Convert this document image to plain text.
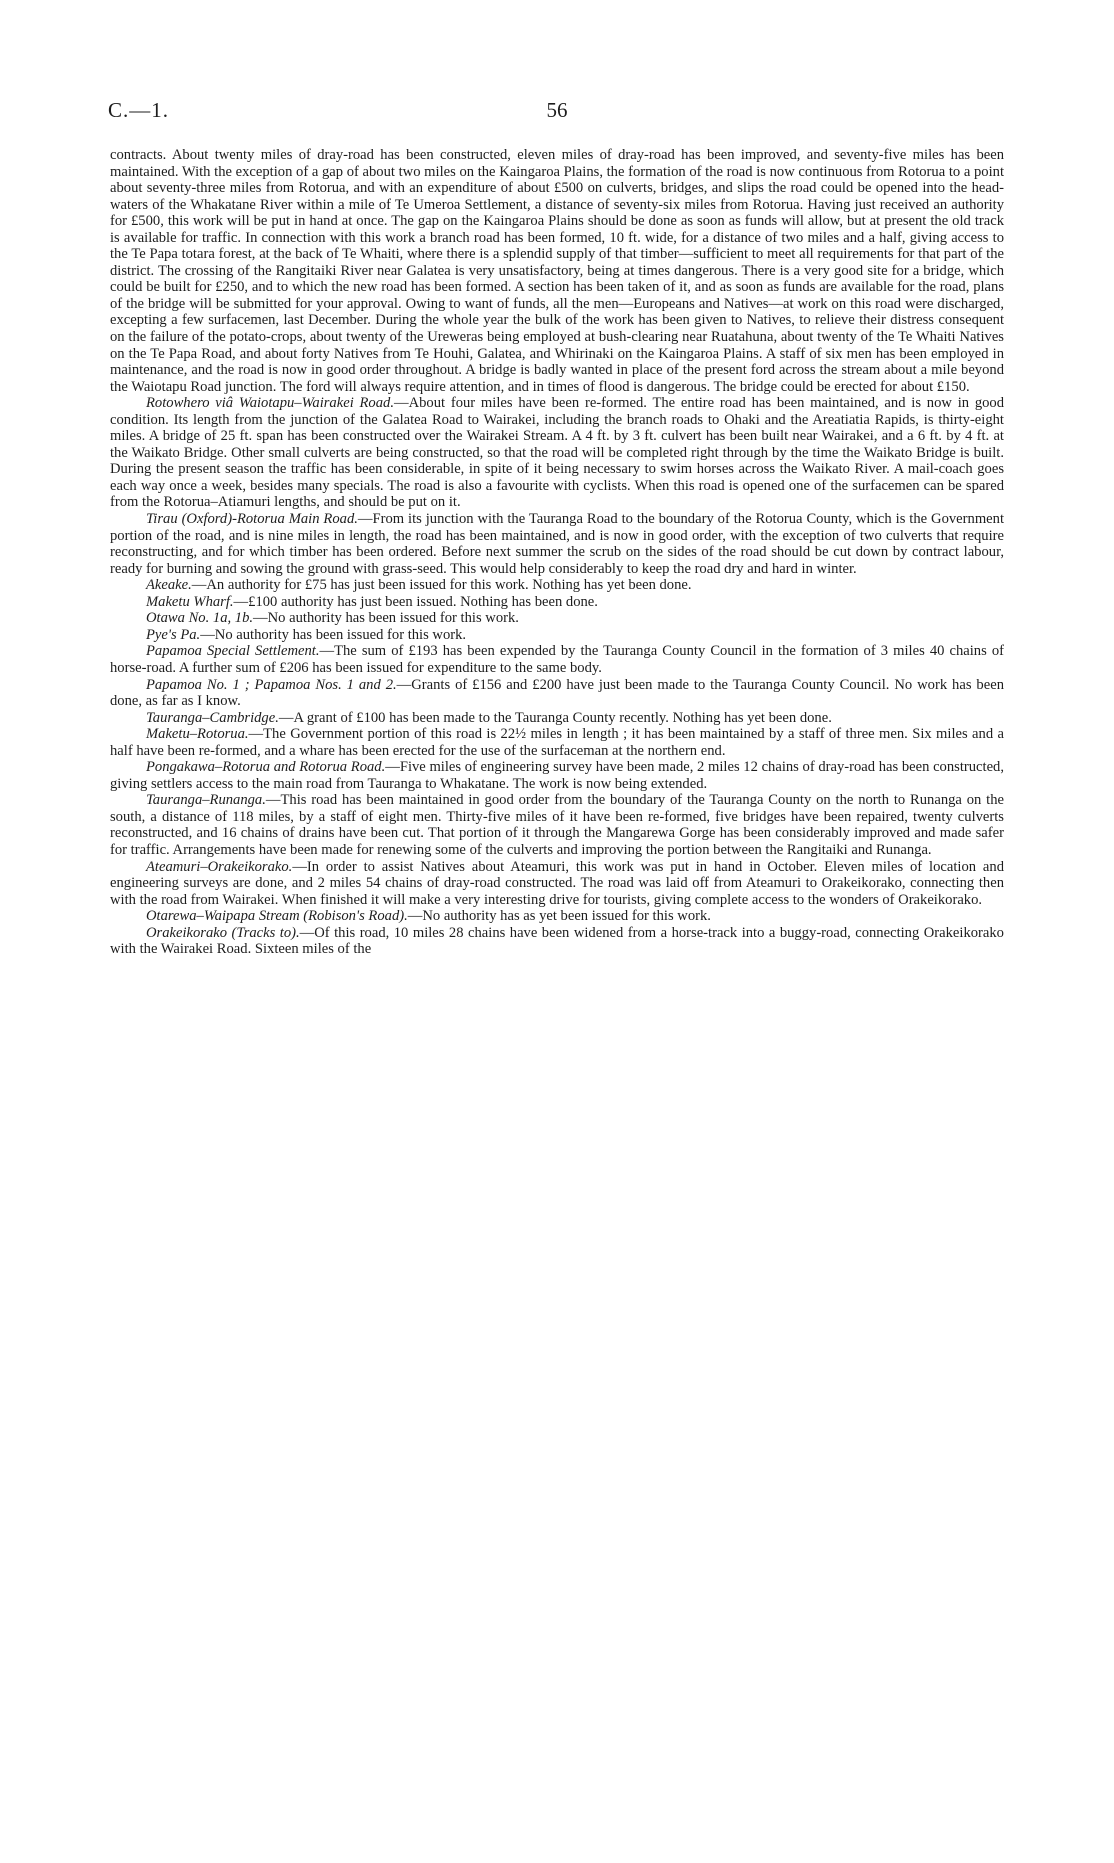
C.—1.	56

contracts. About twenty miles of dray-road has been constructed, eleven miles of dray-road has been improved, and seventy-five miles has been maintained. With the exception of a gap of about two miles on the Kaingaroa Plains, the formation of the road is now continuous from Rotorua to a point about seventy-three miles from Rotorua, and with an expenditure of about £500 on culverts, bridges, and slips the road could be opened into the head-waters of the Whakatane River within a mile of Te Umeroa Settlement, a distance of seventy-six miles from Rotorua. Having just received an authority for £500, this work will be put in hand at once. The gap on the Kaingaroa Plains should be done as soon as funds will allow, but at present the old track is available for traffic. In connection with this work a branch road has been formed, 10 ft. wide, for a distance of two miles and a half, giving access to the Te Papa totara forest, at the back of Te Whaiti, where there is a splendid supply of that timber—sufficient to meet all requirements for that part of the district. The crossing of the Rangitaiki River near Galatea is very unsatisfactory, being at times dangerous. There is a very good site for a bridge, which could be built for £250, and to which the new road has been formed. A section has been taken of it, and as soon as funds are available for the road, plans of the bridge will be submitted for your approval. Owing to want of funds, all the men—Europeans and Natives—at work on this road were discharged, excepting a few surfacemen, last December. During the whole year the bulk of the work has been given to Natives, to relieve their distress consequent on the failure of the potato-crops, about twenty of the Ureweras being employed at bush-clearing near Ruatahuna, about twenty of the Te Whaiti Natives on the Te Papa Road, and about forty Natives from Te Houhi, Galatea, and Whirinaki on the Kaingaroa Plains. A staff of six men has been employed in maintenance, and the road is now in good order throughout. A bridge is badly wanted in place of the present ford across the stream about a mile beyond the Waiotapu Road junction. The ford will always require attention, and in times of flood is dangerous. The bridge could be erected for about £150.

Rotowhero viâ Waiotapu–Wairakei Road.—About four miles have been re-formed. The entire road has been maintained, and is now in good condition. Its length from the junction of the Galatea Road to Wairakei, including the branch roads to Ohaki and the Areatiatia Rapids, is thirty-eight miles. A bridge of 25 ft. span has been constructed over the Wairakei Stream. A 4 ft. by 3 ft. culvert has been built near Wairakei, and a 6 ft. by 4 ft. at the Waikato Bridge. Other small culverts are being constructed, so that the road will be completed right through by the time the Waikato Bridge is built. During the present season the traffic has been considerable, in spite of it being necessary to swim horses across the Waikato River. A mail-coach goes each way once a week, besides many specials. The road is also a favourite with cyclists. When this road is opened one of the surfacemen can be spared from the Rotorua–Atiamuri lengths, and should be put on it.

Tirau (Oxford)-Rotorua Main Road.—From its junction with the Tauranga Road to the boundary of the Rotorua County, which is the Government portion of the road, and is nine miles in length, the road has been maintained, and is now in good order, with the exception of two culverts that require reconstructing, and for which timber has been ordered. Before next summer the scrub on the sides of the road should be cut down by contract labour, ready for burning and sowing the ground with grass-seed. This would help considerably to keep the road dry and hard in winter.

Akeake.—An authority for £75 has just been issued for this work. Nothing has yet been done.

Maketu Wharf.—£100 authority has just been issued. Nothing has been done.

Otawa No. 1a, 1b.—No authority has been issued for this work.

Pye's Pa.—No authority has been issued for this work.

Papamoa Special Settlement.—The sum of £193 has been expended by the Tauranga County Council in the formation of 3 miles 40 chains of horse-road. A further sum of £206 has been issued for expenditure to the same body.

Papamoa No. 1 ; Papamoa Nos. 1 and 2.—Grants of £156 and £200 have just been made to the Tauranga County Council. No work has been done, as far as I know.

Tauranga–Cambridge.—A grant of £100 has been made to the Tauranga County recently. Nothing has yet been done.

Maketu–Rotorua.—The Government portion of this road is 22½ miles in length ; it has been maintained by a staff of three men. Six miles and a half have been re-formed, and a whare has been erected for the use of the surfaceman at the northern end.

Pongakawa–Rotorua and Rotorua Road.—Five miles of engineering survey have been made, 2 miles 12 chains of dray-road has been constructed, giving settlers access to the main road from Tauranga to Whakatane. The work is now being extended.

Tauranga–Runanga.—This road has been maintained in good order from the boundary of the Tauranga County on the north to Runanga on the south, a distance of 118 miles, by a staff of eight men. Thirty-five miles of it have been re-formed, five bridges have been repaired, twenty culverts reconstructed, and 16 chains of drains have been cut. That portion of it through the Mangarewa Gorge has been considerably improved and made safer for traffic. Arrangements have been made for renewing some of the culverts and improving the portion between the Rangitaiki and Runanga.

Ateamuri–Orakeikorako.—In order to assist Natives about Ateamuri, this work was put in hand in October. Eleven miles of location and engineering surveys are done, and 2 miles 54 chains of dray-road constructed. The road was laid off from Ateamuri to Orakeikorako, connecting then with the road from Wairakei. When finished it will make a very interesting drive for tourists, giving complete access to the wonders of Orakeikorako.

Otarewa–Waipapa Stream (Robison's Road).—No authority has as yet been issued for this work.

Orakeikorako (Tracks to).—Of this road, 10 miles 28 chains have been widened from a horse-track into a buggy-road, connecting Orakeikorako with the Wairakei Road. Sixteen miles of the
